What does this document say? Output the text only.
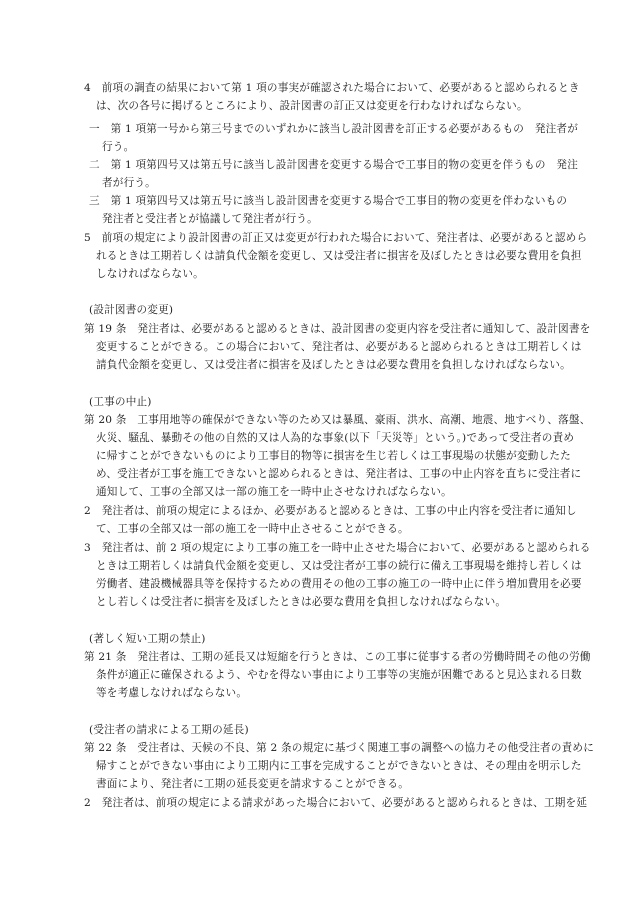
4　前項の調査の結果において第 1 項の事実が確認された場合において、必要があると認められるとき
は、次の各号に掲げるところにより、設計図書の訂正又は変更を行わなければならない。
一　第 1 項第一号から第三号までのいずれかに該当し設計図書を訂正する必要があるもの　発注者が
行う。
二　第 1 項第四号又は第五号に該当し設計図書を変更する場合で工事目的物の変更を伴うもの　発注
者が行う。
三　第 1 項第四号又は第五号に該当し設計図書を変更する場合で工事目的物の変更を伴わないもの
発注者と受注者とが協議して発注者が行う。
5　前項の規定により設計図書の訂正又は変更が行われた場合において、発注者は、必要があると認めら
れるときは工期若しくは請負代金額を変更し、又は受注者に損害を及ぼしたときは必要な費用を負担
しなければならない。
(設計図書の変更)
第 19 条　発注者は、必要があると認めるときは、設計図書の変更内容を受注者に通知して、設計図書を
変更することができる。この場合において、発注者は、必要があると認められるときは工期若しくは
請負代金額を変更し、又は受注者に損害を及ぼしたときは必要な費用を負担しなければならない。
(工事の中止)
第 20 条　工事用地等の確保ができない等のため又は暴風、豪雨、洪水、高潮、地震、地すべり、落盤、
火災、騒乱、暴動その他の自然的又は人為的な事象(以下「天災等」という。)であって受注者の責め
に帰すことができないものにより工事目的物等に損害を生じ若しくは工事現場の状態が変動したた
め、受注者が工事を施工できないと認められるときは、発注者は、工事の中止内容を直ちに受注者に
通知して、工事の全部又は一部の施工を一時中止させなければならない。
2　発注者は、前項の規定によるほか、必要があると認めるときは、工事の中止内容を受注者に通知し
て、工事の全部又は一部の施工を一時中止させることができる。
3　発注者は、前 2 項の規定により工事の施工を一時中止させた場合において、必要があると認められる
ときは工期若しくは請負代金額を変更し、又は受注者が工事の続行に備え工事現場を維持し若しくは
労働者、建設機械器具等を保持するための費用その他の工事の施工の一時中止に伴う増加費用を必要
とし若しくは受注者に損害を及ぼしたときは必要な費用を負担しなければならない。
(著しく短い工期の禁止)
第 21 条　発注者は、工期の延長又は短縮を行うときは、この工事に従事する者の労働時間その他の労働
条件が適正に確保されるよう、やむを得ない事由により工事等の実施が困難であると見込まれる日数
等を考慮しなければならない。
(受注者の請求による工期の延長)
第 22 条　受注者は、天候の不良、第 2 条の規定に基づく関連工事の調整への協力その他受注者の責めに
帰すことができない事由により工期内に工事を完成することができないときは、その理由を明示した
書面により、発注者に工期の延長変更を請求することができる。
2　発注者は、前項の規定による請求があった場合において、必要があると認められるときは、工期を延
